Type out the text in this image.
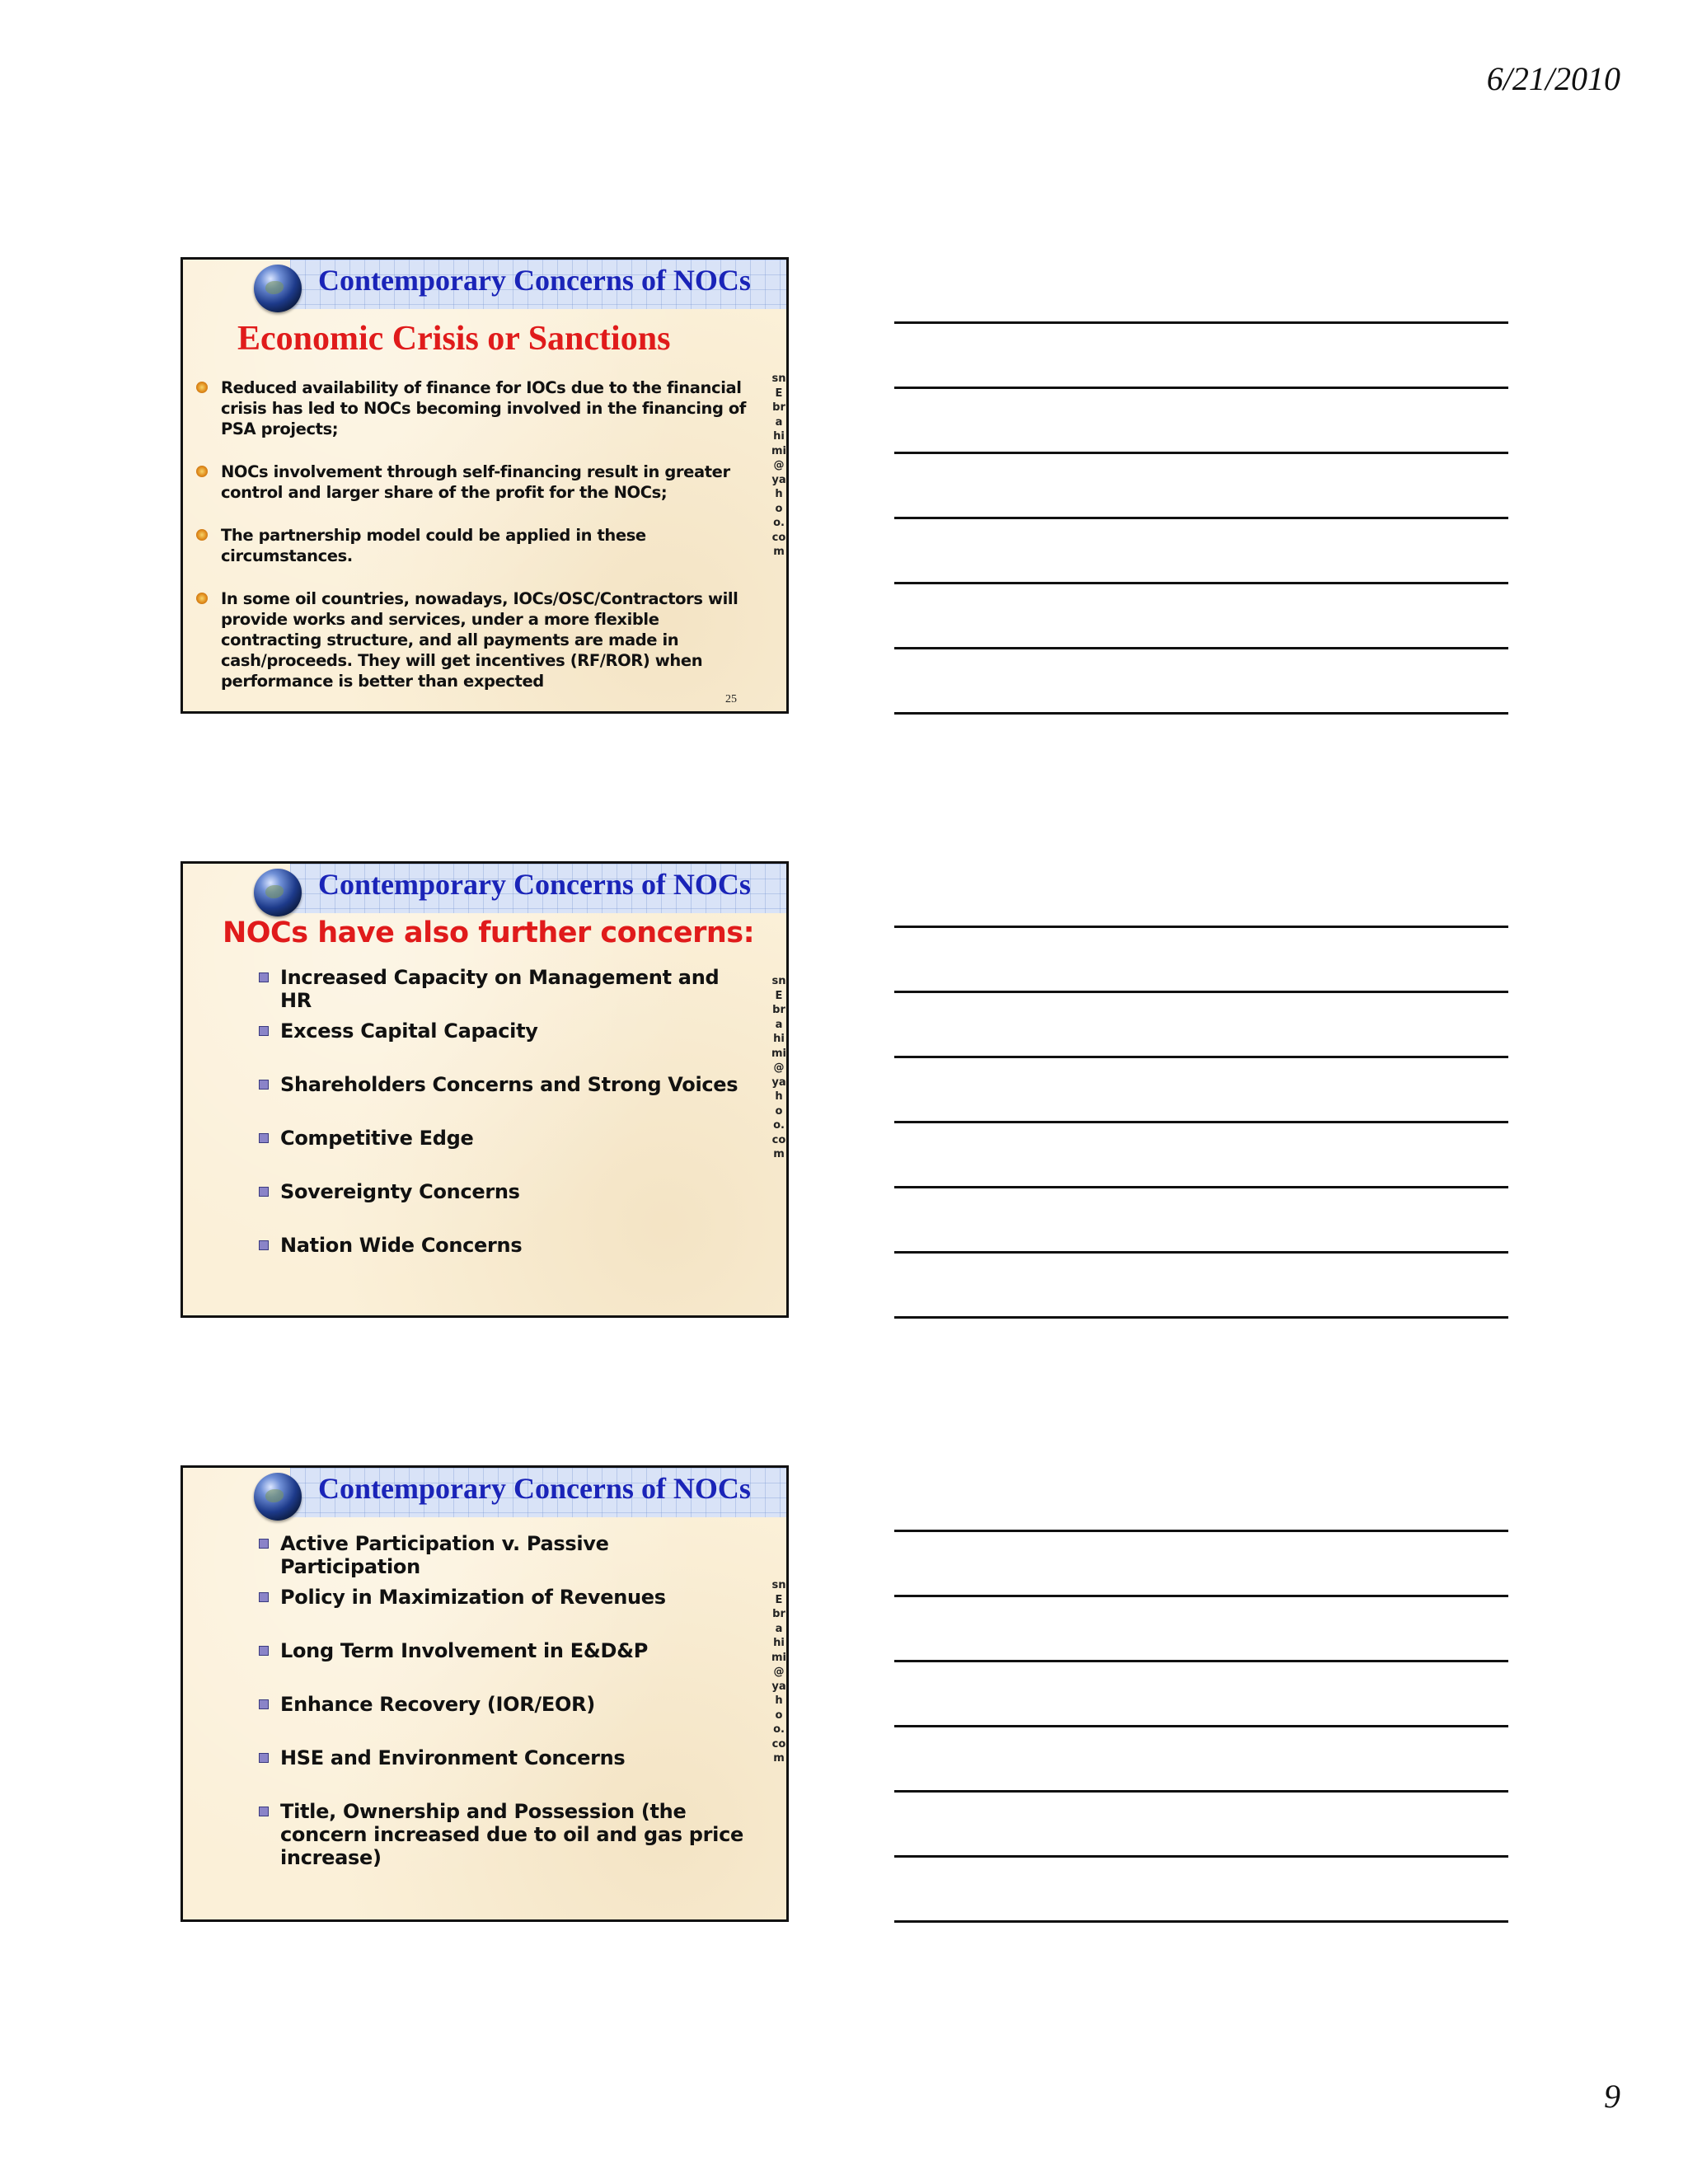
6/21/2010
Contemporary Concerns of NOCs
Economic Crisis or Sanctions
Reduced availability of finance for IOCs due to the financial crisis has led to NOCs becoming involved in the financing of PSA projects;
NOCs involvement through self-financing result in greater control and larger share of the profit for the NOCs;
The partnership model could be applied in these circumstances.
In some oil countries, nowadays, IOCs/OSC/Contractors will provide works and services, under a more flexible contracting structure, and all payments are made in cash/proceeds. They will get incentives (RF/ROR) when performance is better than expected
25
snEbrahimi@yahoo.com
Contemporary Concerns of NOCs
NOCs have also further concerns:
Increased Capacity on Management and HR
Excess Capital Capacity
Shareholders Concerns and Strong Voices
Competitive Edge
Sovereignty Concerns
Nation Wide Concerns
snEbrahimi@yahoo.com
Contemporary Concerns of NOCs
Active Participation v. Passive Participation
Policy in Maximization of Revenues
Long Term Involvement in E&D&P
Enhance Recovery (IOR/EOR)
HSE and Environment Concerns
Title, Ownership and Possession (the concern increased due to oil and gas price increase)
snEbrahimi@yahoo.com
9
